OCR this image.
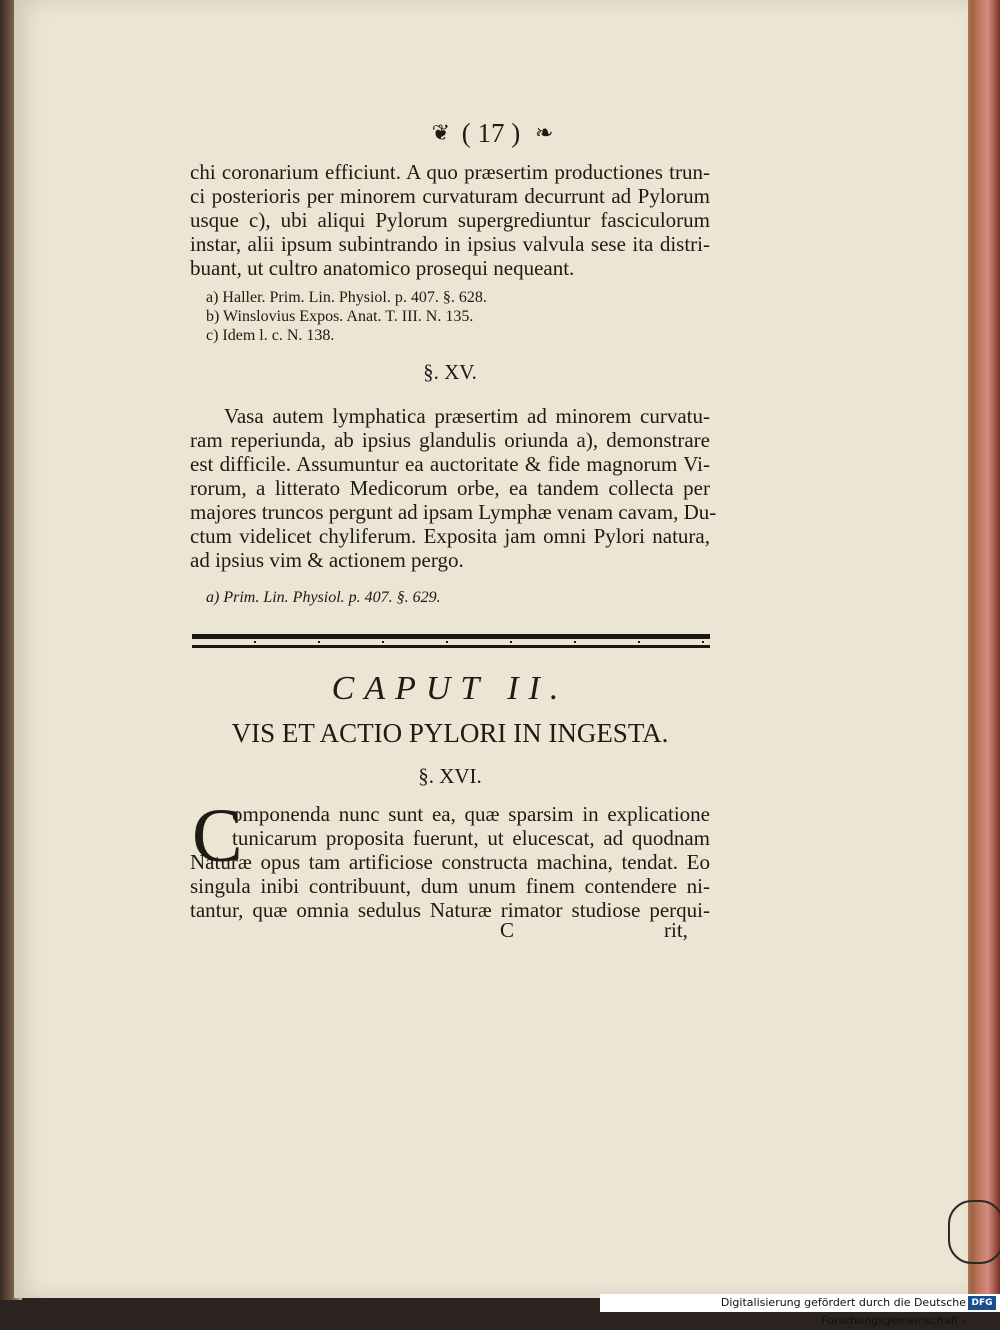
❦ ( 17 ) ❧
chi coronarium efficiunt. A quo præsertim productiones trun-
ci posterioris per minorem curvaturam decurrunt ad Pylorum
usque c), ubi aliqui Pylorum supergrediuntur fasciculorum
instar, alii ipsum subintrando in ipsius valvula sese ita distri-
buant, ut cultro anatomico prosequi nequeant.
a) Haller. Prim. Lin. Physiol. p. 407. §. 628.
b) Winslovius Expos. Anat. T. III. N. 135.
c) Idem l. c. N. 138.
§. XV.
Vasa autem lymphatica præsertim ad minorem curvatu-
ram reperiunda, ab ipsius glandulis oriunda a), demonstrare
est difficile. Assumuntur ea auctoritate & fide magnorum Vi-
rorum, a litterato Medicorum orbe, ea tandem collecta per
majores truncos pergunt ad ipsam Lymphæ venam cavam, Du-
ctum videlicet chyliferum. Exposita jam omni Pylori natura,
ad ipsius vim & actionem pergo.
a) Prim. Lin. Physiol. p. 407. §. 629.
CAPUT II.
VIS ET ACTIO PYLORI IN INGESTA.
§. XVI.
C
omponenda nunc sunt ea, quæ sparsim in explicatione
tunicarum proposita fuerunt, ut elucescat, ad quodnam
Naturæ opus tam artificiose constructa machina, tendat. Eo
singula inibi contribuunt, dum unum finem contendere ni-
tantur, quæ omnia sedulus Naturæ rimator studiose perqui-
C	rit,
Digitalisierung gefördert durch die Deutsche Forschungsgemeinschaft -
DFG
